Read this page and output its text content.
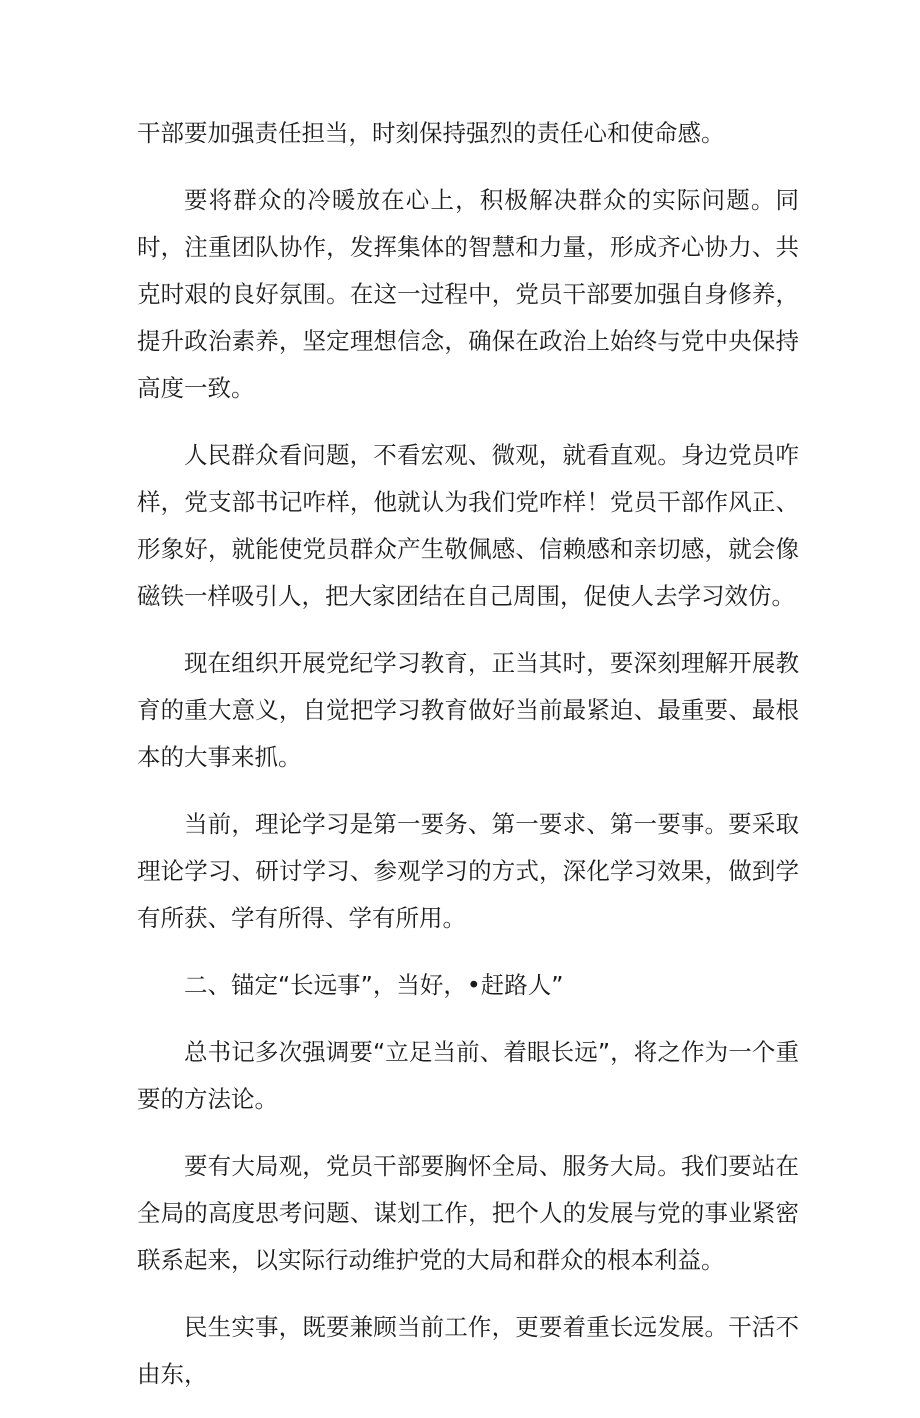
干部要加强责任担当，时刻保持强烈的责任心和使命感。

要将群众的冷暖放在心上，积极解决群众的实际问题。同时，注重团队协作，发挥集体的智慧和力量，形成齐心协力、共克时艰的良好氛围。在这一过程中，党员干部要加强自身修养，提升政治素养，坚定理想信念，确保在政治上始终与党中央保持高度一致。

人民群众看问题，不看宏观、微观，就看直观。身边党员咋样，党支部书记咋样，他就认为我们党咋样！党员干部作风正、形象好，就能使党员群众产生敬佩感、信赖感和亲切感，就会像磁铁一样吸引人，把大家团结在自己周围，促使人去学习效仿。

现在组织开展党纪学习教育，正当其时，要深刻理解开展教育的重大意义，自觉把学习教育做好当前最紧迫、最重要、最根本的大事来抓。

当前，理论学习是第一要务、第一要求、第一要事。要采取理论学习、研讨学习、参观学习的方式，深化学习效果，做到学有所获、学有所得、学有所用。

二、锚定“长远事”，当好，•赶路人”

总书记多次强调要“立足当前、着眼长远”，将之作为一个重要的方法论。

要有大局观，党员干部要胸怀全局、服务大局。我们要站在全局的高度思考问题、谋划工作，把个人的发展与党的事业紧密联系起来，以实际行动维护党的大局和群众的根本利益。

民生实事，既要兼顾当前工作，更要着重长远发展。干活不由东，
